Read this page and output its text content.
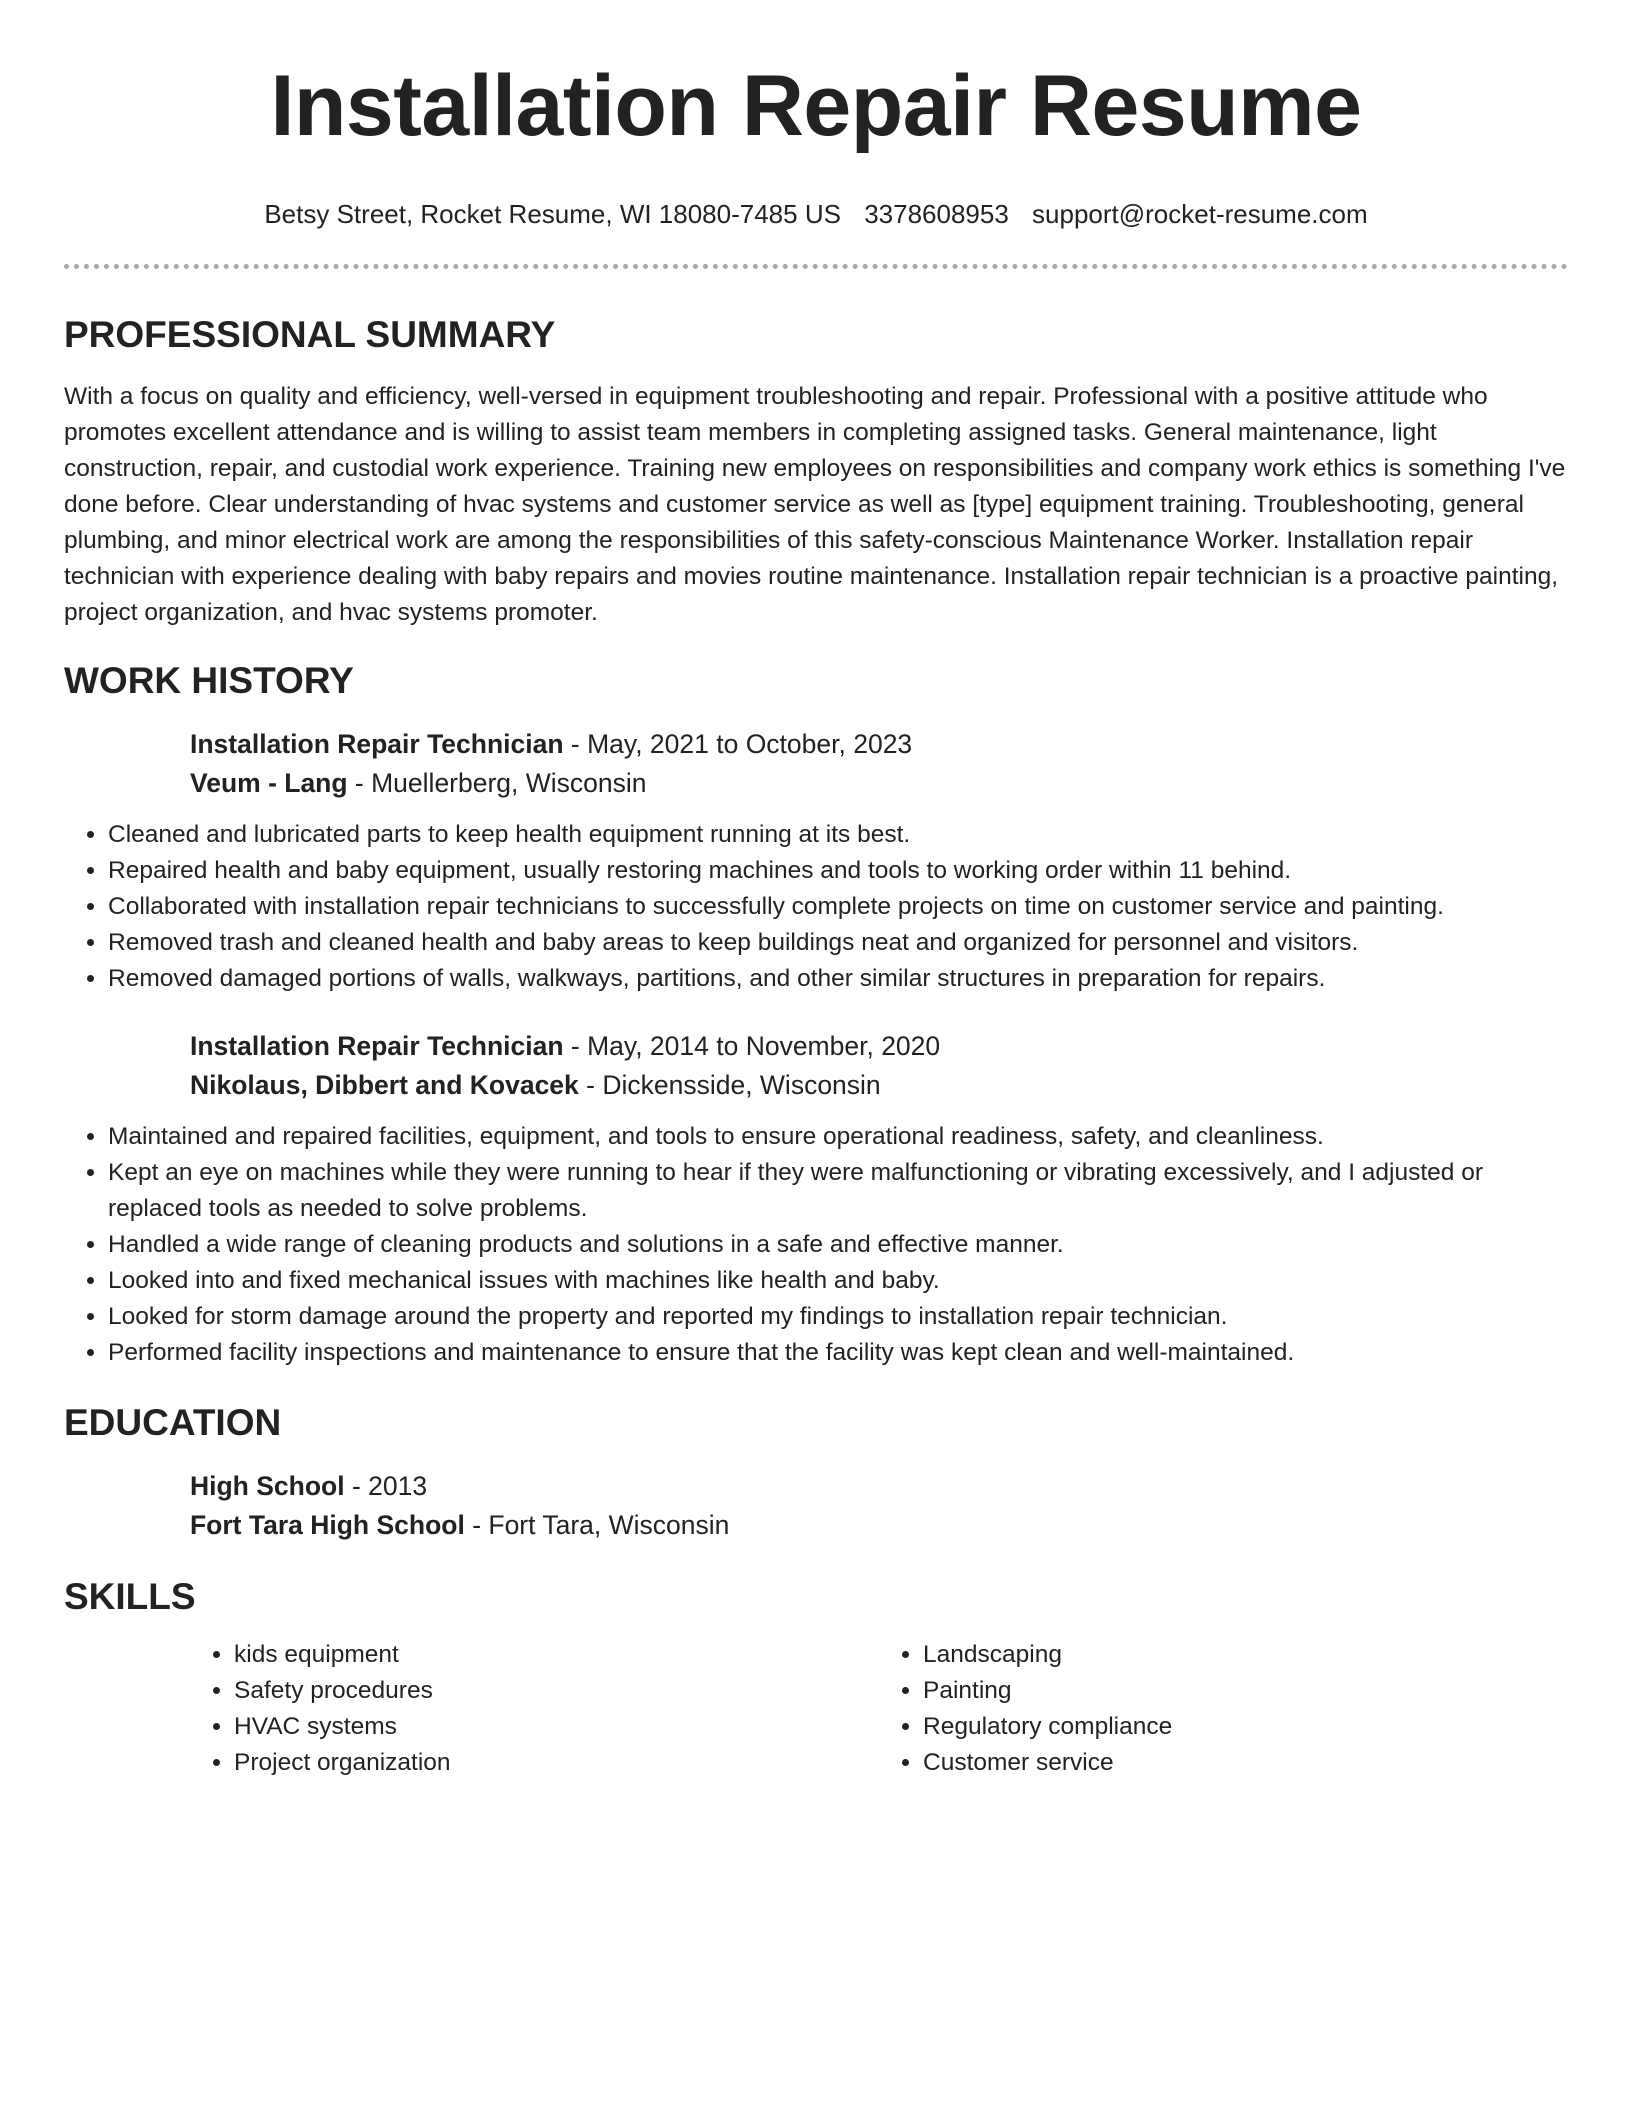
Installation Repair Resume
Betsy Street, Rocket Resume, WI 18080-7485 US 3378608953 support@rocket-resume.com
PROFESSIONAL SUMMARY

With a focus on quality and efficiency, well-versed in equipment troubleshooting and repair. Professional with a positive attitude who promotes excellent attendance and is willing to assist team members in completing assigned tasks. General maintenance, light construction, repair, and custodial work experience. Training new employees on responsibilities and company work ethics is something I've done before. Clear understanding of hvac systems and customer service as well as [type] equipment training. Troubleshooting, general plumbing, and minor electrical work are among the responsibilities of this safety-conscious Maintenance Worker. Installation repair technician with experience dealing with baby repairs and movies routine maintenance. Installation repair technician is a proactive painting, project organization, and hvac systems promoter.

WORK HISTORY
Installation Repair Technician - May, 2021 to October, 2023
Veum - Lang - Muellerberg, Wisconsin
• Cleaned and lubricated parts to keep health equipment running at its best.
• Repaired health and baby equipment, usually restoring machines and tools to working order within 11 behind.
• Collaborated with installation repair technicians to successfully complete projects on time on customer service and painting.
• Removed trash and cleaned health and baby areas to keep buildings neat and organized for personnel and visitors.
• Removed damaged portions of walls, walkways, partitions, and other similar structures in preparation for repairs.
Installation Repair Technician - May, 2014 to November, 2020
Nikolaus, Dibbert and Kovacek - Dickensside, Wisconsin
• Maintained and repaired facilities, equipment, and tools to ensure operational readiness, safety, and cleanliness.
• Kept an eye on machines while they were running to hear if they were malfunctioning or vibrating excessively, and I adjusted or replaced tools as needed to solve problems.
• Handled a wide range of cleaning products and solutions in a safe and effective manner.
• Looked into and fixed mechanical issues with machines like health and baby.
• Looked for storm damage around the property and reported my findings to installation repair technician.
• Performed facility inspections and maintenance to ensure that the facility was kept clean and well-maintained.
EDUCATION
High School - 2013
Fort Tara High School - Fort Tara, Wisconsin
SKILLS
• kids equipment
• Safety procedures
• HVAC systems
• Project organization
• Landscaping
• Painting
• Regulatory compliance
• Customer service
